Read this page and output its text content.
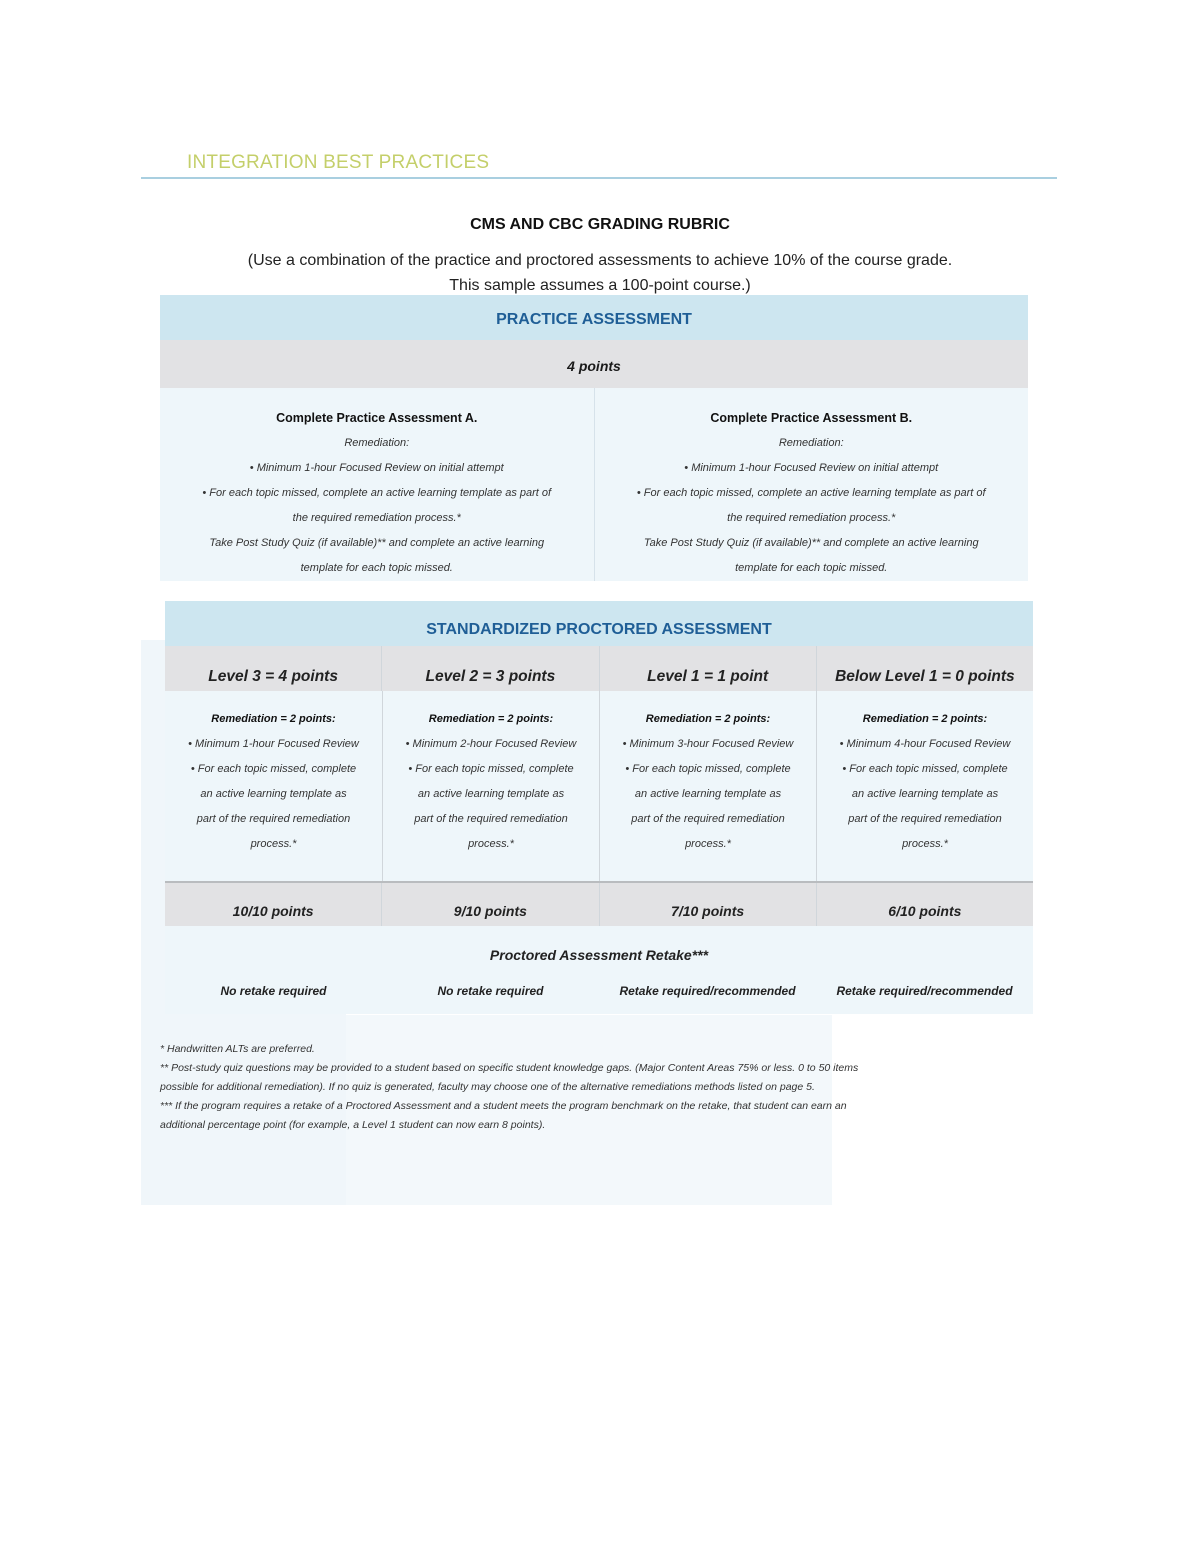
INTEGRATION BEST PRACTICES
CMS AND CBC GRADING RUBRIC
(Use a combination of the practice and proctored assessments to achieve 10% of the course grade.
This sample assumes a 100-point course.)
PRACTICE ASSESSMENT
4 points
Complete Practice Assessment A.
Remediation:
• Minimum 1-hour Focused Review on initial attempt
• For each topic missed, complete an active learning template as part of
the required remediation process.*
Take Post Study Quiz (if available)** and complete an active learning
template for each topic missed.
Complete Practice Assessment B.
Remediation:
• Minimum 1-hour Focused Review on initial attempt
• For each topic missed, complete an active learning template as part of
the required remediation process.*
Take Post Study Quiz (if available)** and complete an active learning
template for each topic missed.
STANDARDIZED PROCTORED ASSESSMENT
Level 3 = 4 points	Level 2 = 3 points	Level 1 = 1 point	Below Level 1 = 0 points
Remediation = 2 points:
• Minimum 1-hour Focused Review
• For each topic missed, complete
an active learning template as
part of the required remediation
process.*
Remediation = 2 points:
• Minimum 2-hour Focused Review
• For each topic missed, complete
an active learning template as
part of the required remediation
process.*
Remediation = 2 points:
• Minimum 3-hour Focused Review
• For each topic missed, complete
an active learning template as
part of the required remediation
process.*
Remediation = 2 points:
• Minimum 4-hour Focused Review
• For each topic missed, complete
an active learning template as
part of the required remediation
process.*
10/10 points	9/10 points	7/10 points	6/10 points
Proctored Assessment Retake***
No retake required	No retake required	Retake required/recommended	Retake required/recommended

* Handwritten ALTs are preferred.

** Post-study quiz questions may be provided to a student based on specific student knowledge gaps. (Major Content Areas 75% or less. 0 to 50 items

possible for additional remediation). If no quiz is generated, faculty may choose one of the alternative remediations methods listed on page 5.

*** If the program requires a retake of a Proctored Assessment and a student meets the program benchmark on the retake, that student can earn an

additional percentage point (for example, a Level 1 student can now earn 8 points).
